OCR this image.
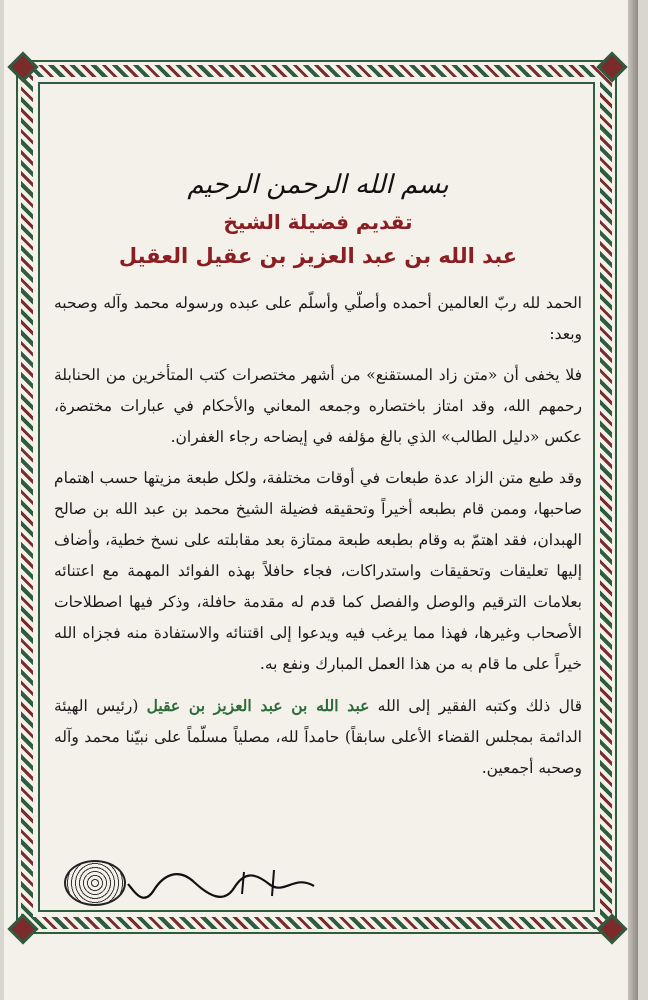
بسم الله الرحمن الرحيم
تقديم فضيلة الشيخ
عبد الله بن عبد العزيز بن عقيل العقيل

الحمد لله ربّ العالمين أحمده وأصلّي وأسلّم على عبده ورسوله محمد وآله وصحبه وبعد:

فلا يخفى أن «متن زاد المستقنع» من أشهر مختصرات كتب المتأخرين من الحنابلة رحمهم الله، وقد امتاز باختصاره وجمعه المعاني والأحكام في عبارات مختصرة، عكس «دليل الطالب» الذي بالغ مؤلفه في إيضاحه رجاء الغفران.

وقد طبع متن الزاد عدة طبعات في أوقات مختلفة، ولكل طبعة مزيتها حسب اهتمام صاحبها، وممن قام بطبعه أخيراً وتحقيقه فضيلة الشيخ محمد بن عبد الله بن صالح الهبدان، فقد اهتمّ به وقام بطبعه طبعة ممتازة بعد مقابلته على نسخ خطية، وأضاف إليها تعليقات وتحقيقات واستدراكات، فجاء حافلاً بهذه الفوائد المهمة مع اعتنائه بعلامات الترقيم والوصل والفصل كما قدم له مقدمة حافلة، وذكر فيها اصطلاحات الأصحاب وغيرها، فهذا مما يرغب فيه ويدعوا إلى اقتنائه والاستفادة منه فجزاه الله خيراً على ما قام به من هذا العمل المبارك ونفع به.

قال ذلك وكتبه الفقير إلى الله عبد الله بن عبد العزيز بن عقيل (رئيس الهيئة الدائمة بمجلس القضاء الأعلى سابقاً) حامداً لله، مصلياً مسلّماً على نبيّنا محمد وآله وصحبه أجمعين.
